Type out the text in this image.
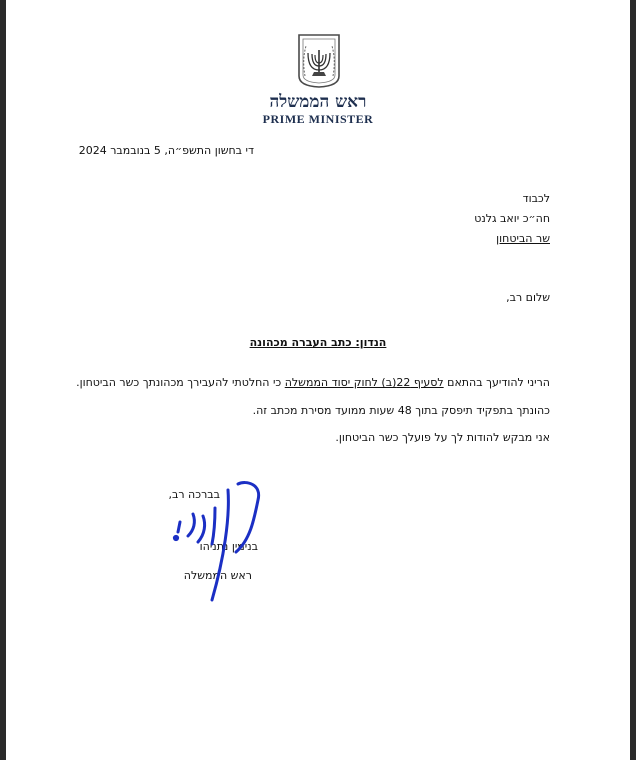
ראש הממשלה
PRIME MINISTER
די בחשון התשפ״ה, 5 בנובמבר 2024
לכבוד
חה״כ יואב גלנט
שר הביטחון
שלום רב,
הנדון: כתב העברה מכהונה
הריני להודיעך בהתאם לסעיף 22(ב) לחוק יסוד הממשלה כי החלטתי להעבירך מכהונתך כשר הביטחון.
כהונתך בתפקיד תיפסק בתוך 48 שעות ממועד מסירת מכתב זה.
אני מבקש להודות לך על פועלך כשר הביטחון.
בברכה רב,
בנימין נתניהו
ראש הממשלה
